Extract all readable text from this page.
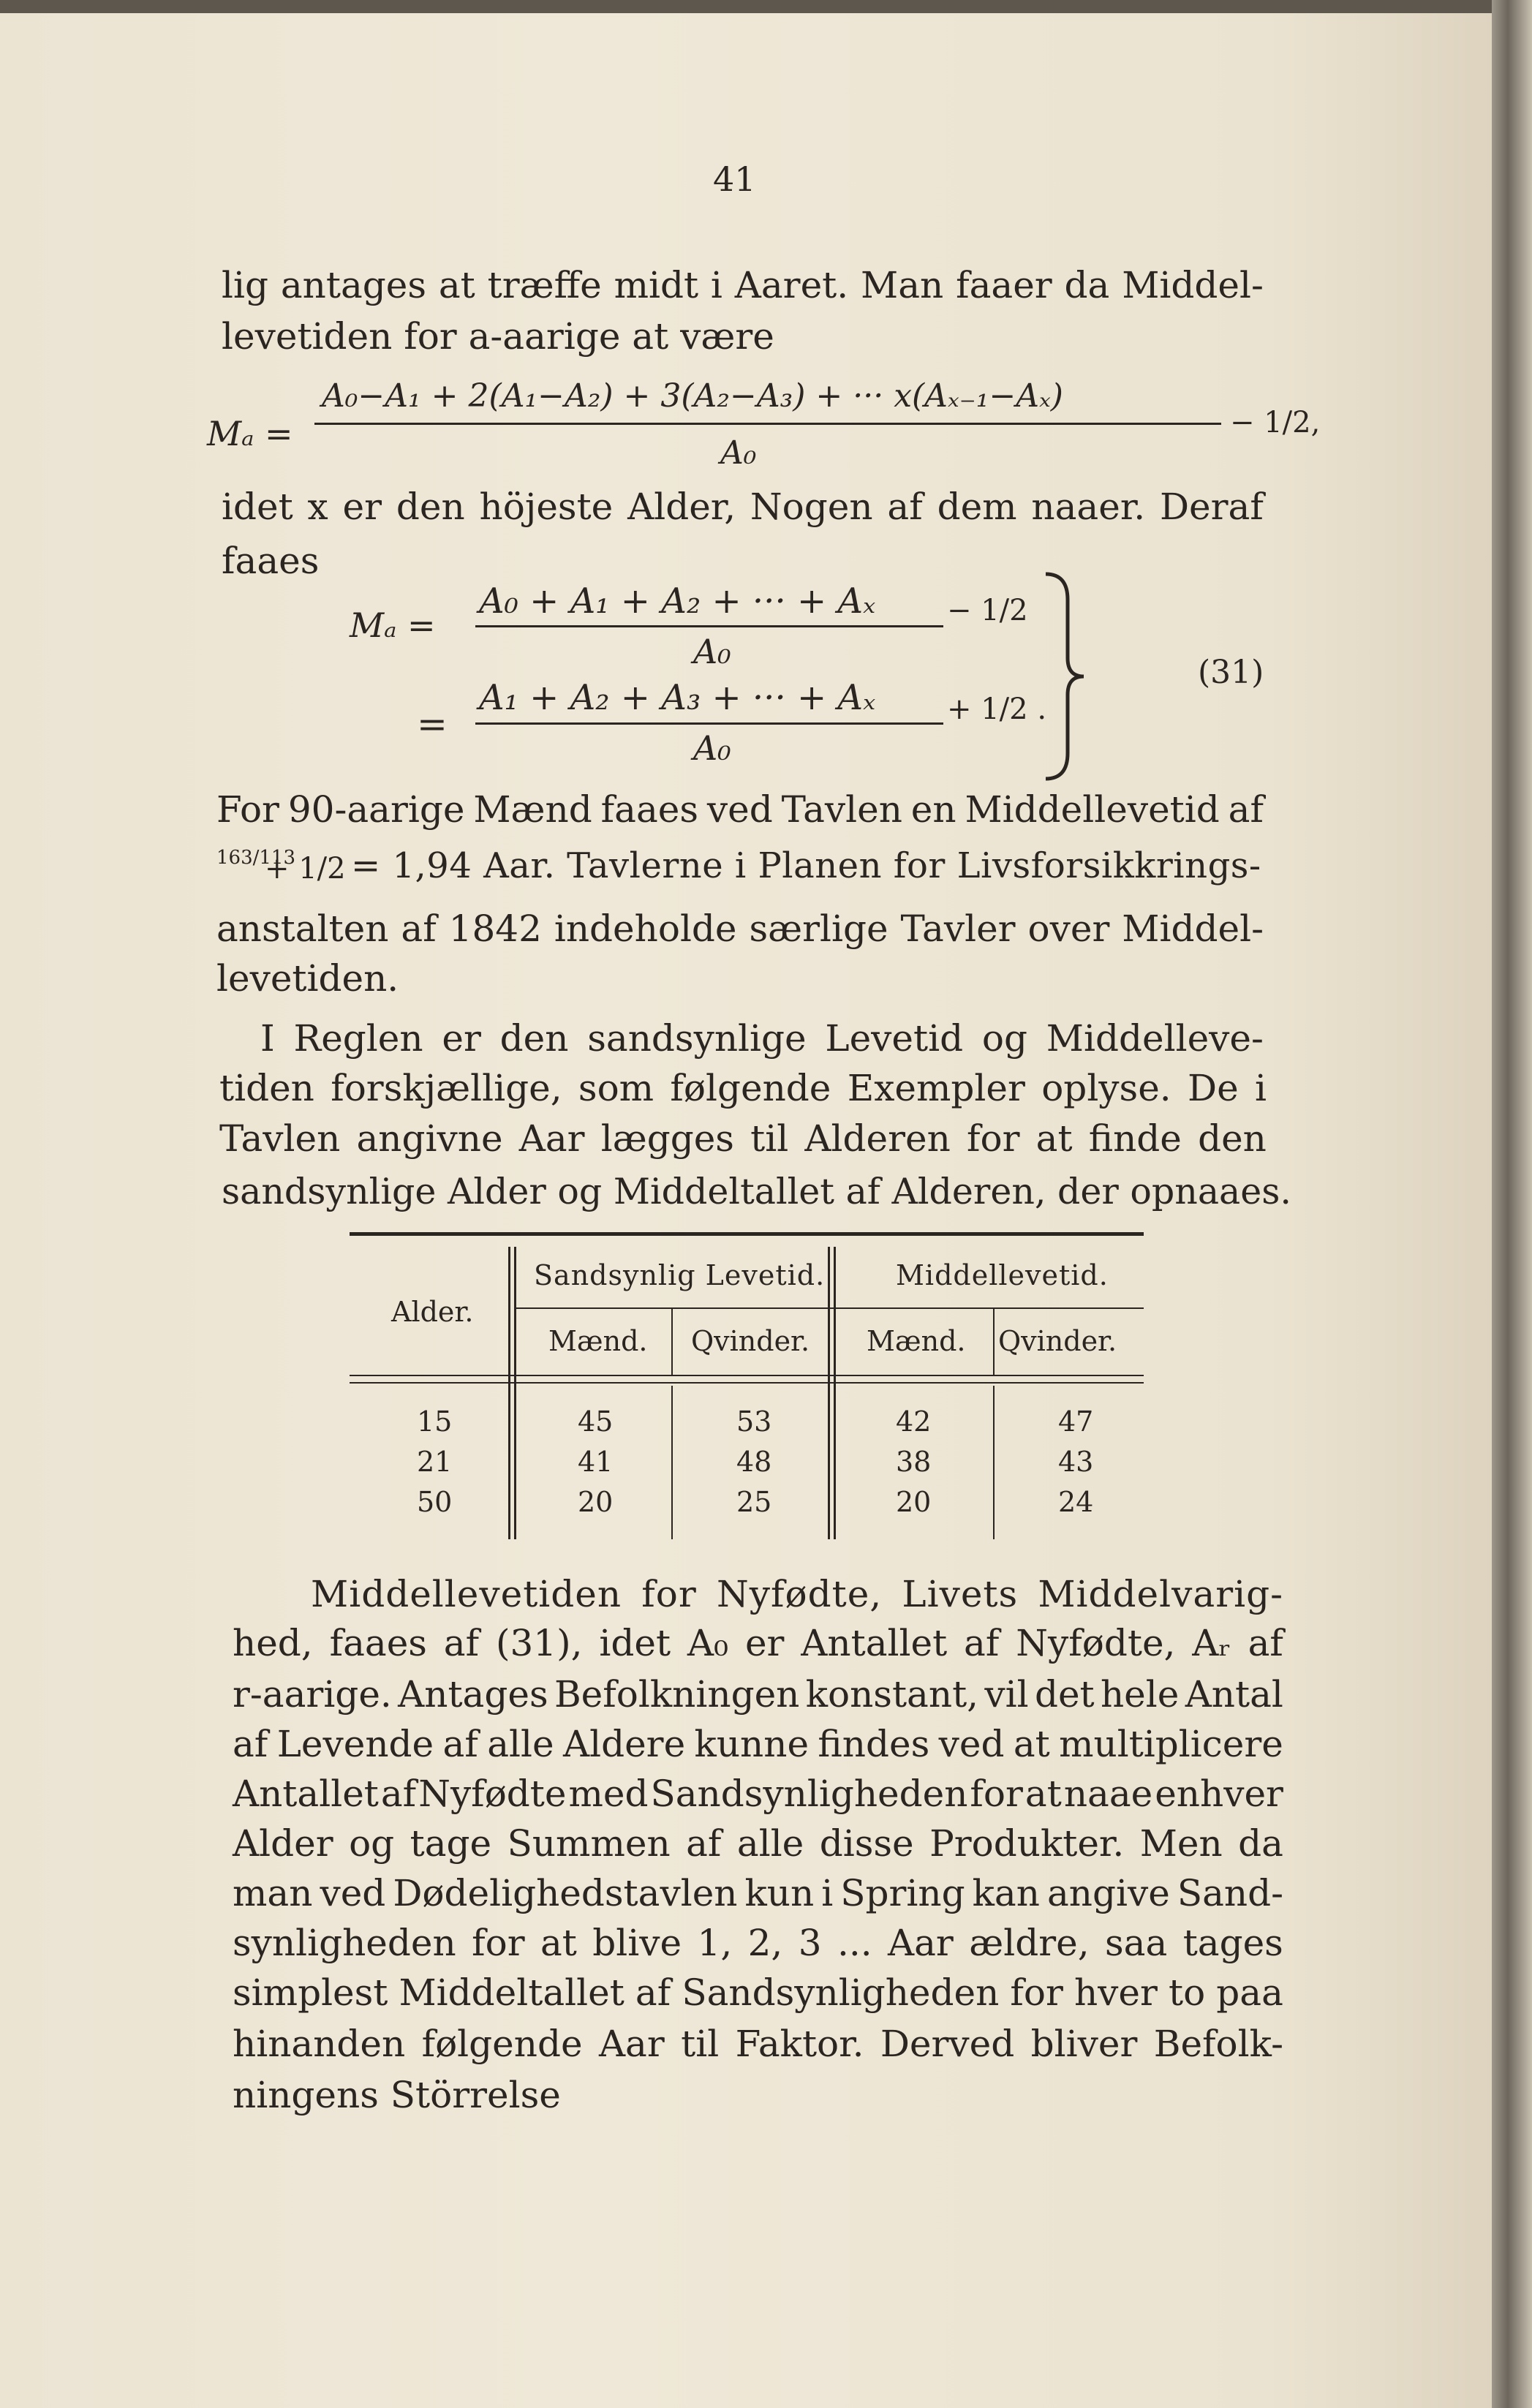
41
lig antages at træffe midt i Aaret. Man faaer da Middel-
levetiden for a-aarige at være
Mₐ =
A₀−A₁ + 2(A₁−A₂) + 3(A₂−A₃) + ··· x(Aₓ₋₁−Aₓ)
A₀
− 1/2,
idet x er den höjeste Alder, Nogen af dem naaer. Deraf
faaes
Mₐ =
A₀ + A₁ + A₂ + ··· + Aₓ
A₀
− 1/2
=
A₁ + A₂ + A₃ + ··· + Aₓ
A₀
+ 1/2 .
(31)
For 90-aarige Mænd faaes ved Tavlen en Middellevetid af
163/113
+ 1/2 = 1,94 Aar. Tavlerne i Planen for Livsforsikkrings-
anstalten af 1842 indeholde særlige Tavler over Middel-
levetiden.
I Reglen er den sandsynlige Levetid og Middelleve-
tiden forskjællige, som følgende Exempler oplyse. De i
Tavlen angivne Aar lægges til Alderen for at finde den
sandsynlige Alder og Middeltallet af Alderen, der opnaaes.
Alder.
Sandsynlig Levetid.	Middellevetid.
Mænd. Qvinder. Mænd. Qvinder.
15	45	53	42	47
21	41	48	38	43
50	20	25	20	24
Middellevetiden for Nyfødte, Livets Middelvarig-
hed, faaes af (31), idet A₀ er Antallet af Nyfødte, Aᵣ af
r-aarige. Antages Befolkningen konstant, vil det hele Antal
af Levende af alle Aldere kunne findes ved at multiplicere
Antallet af Nyfødte med Sandsynligheden for at naae enhver
Alder og tage Summen af alle disse Produkter. Men da
man ved Dødelighedstavlen kun i Spring kan angive Sand-
synligheden for at blive 1, 2, 3 ... Aar ældre, saa tages
simplest Middeltallet af Sandsynligheden for hver to paa
hinanden følgende Aar til Faktor. Derved bliver Befolk-
ningens Störrelse
